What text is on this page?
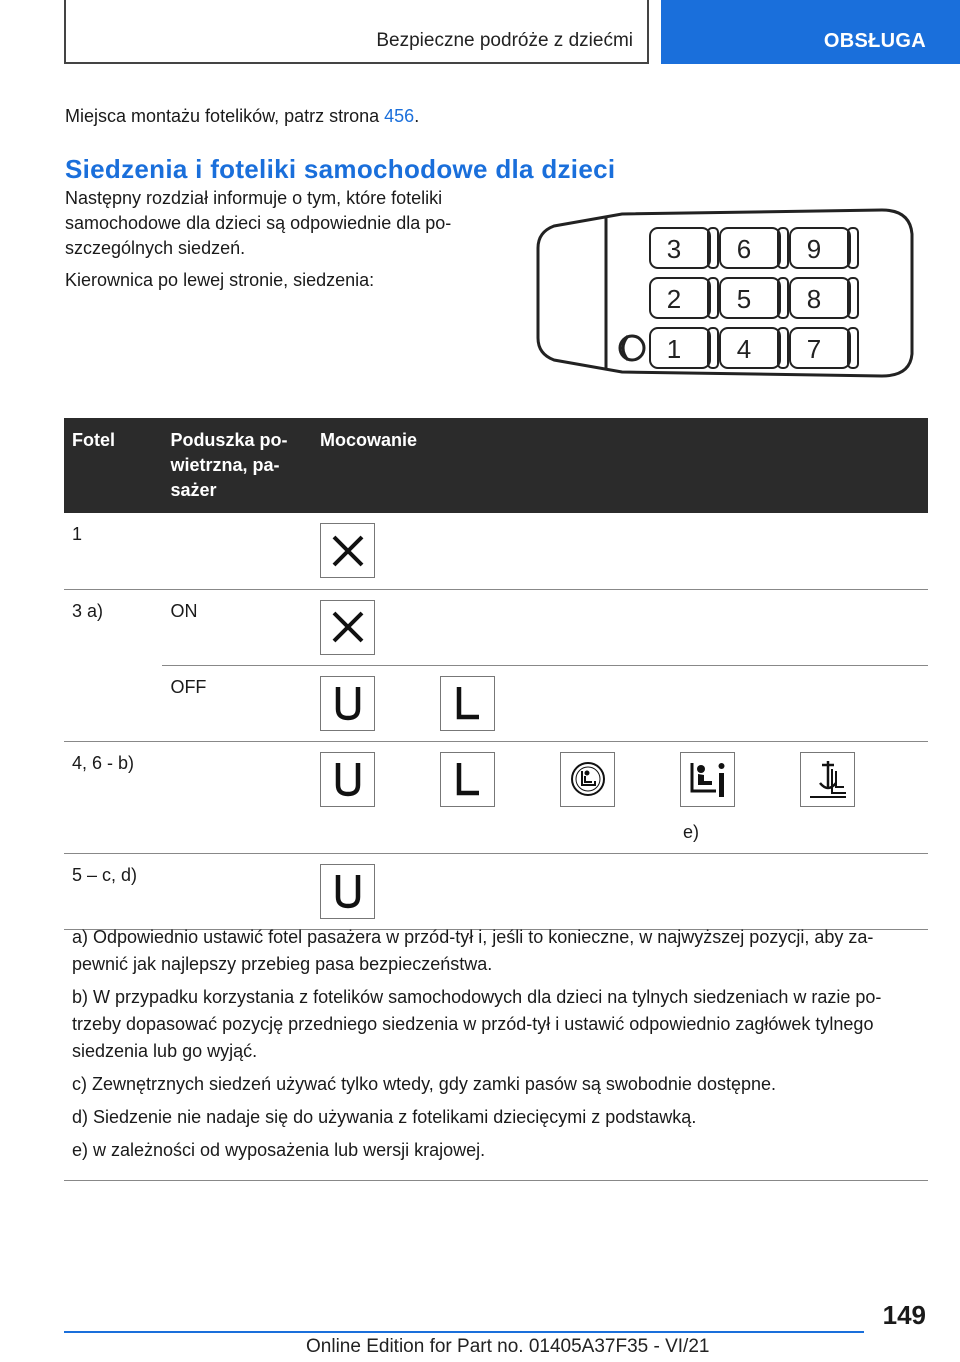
Bezpieczne podróże z dziećmi	OBSŁUGA
Miejsca montażu fotelików, patrz strona 456.
Siedzenia i foteliki samochodowe dla dzieci
Następny rozdział informuje o tym, które foteliki
samochodowe dla dzieci są odpowiednie dla po-
szczególnych siedzeń.
Kierownica po lewej stronie, siedzenia:
3 6 9
2 5 8
1 4 7
Fotel	Poduszka po-
wietrzna, pa-
sażer	Mocowanie
1		

3 a)	ON	

	OFF	

4, 6 - b)		e)

5 – c, d)		
a) Odpowiednio ustawić fotel pasażera w przód-tył i, jeśli to konieczne, w najwyższej pozycji, aby za-
pewnić jak najlepszy przebieg pasa bezpieczeństwa.
b) W przypadku korzystania z fotelików samochodowych dla dzieci na tylnych siedzeniach w razie po-
trzeby dopasować pozycję przedniego siedzenia w przód-tył i ustawić odpowiednio zagłówek tylnego
siedzenia lub go wyjąć.
c) Zewnętrznych siedzeń używać tylko wtedy, gdy zamki pasów są swobodnie dostępne.
d) Siedzenie nie nadaje się do używania z fotelikami dziecięcymi z podstawką.
e) w zależności od wyposażenia lub wersji krajowej.
149
Online Edition for Part no. 01405A37F35 - VI/21
